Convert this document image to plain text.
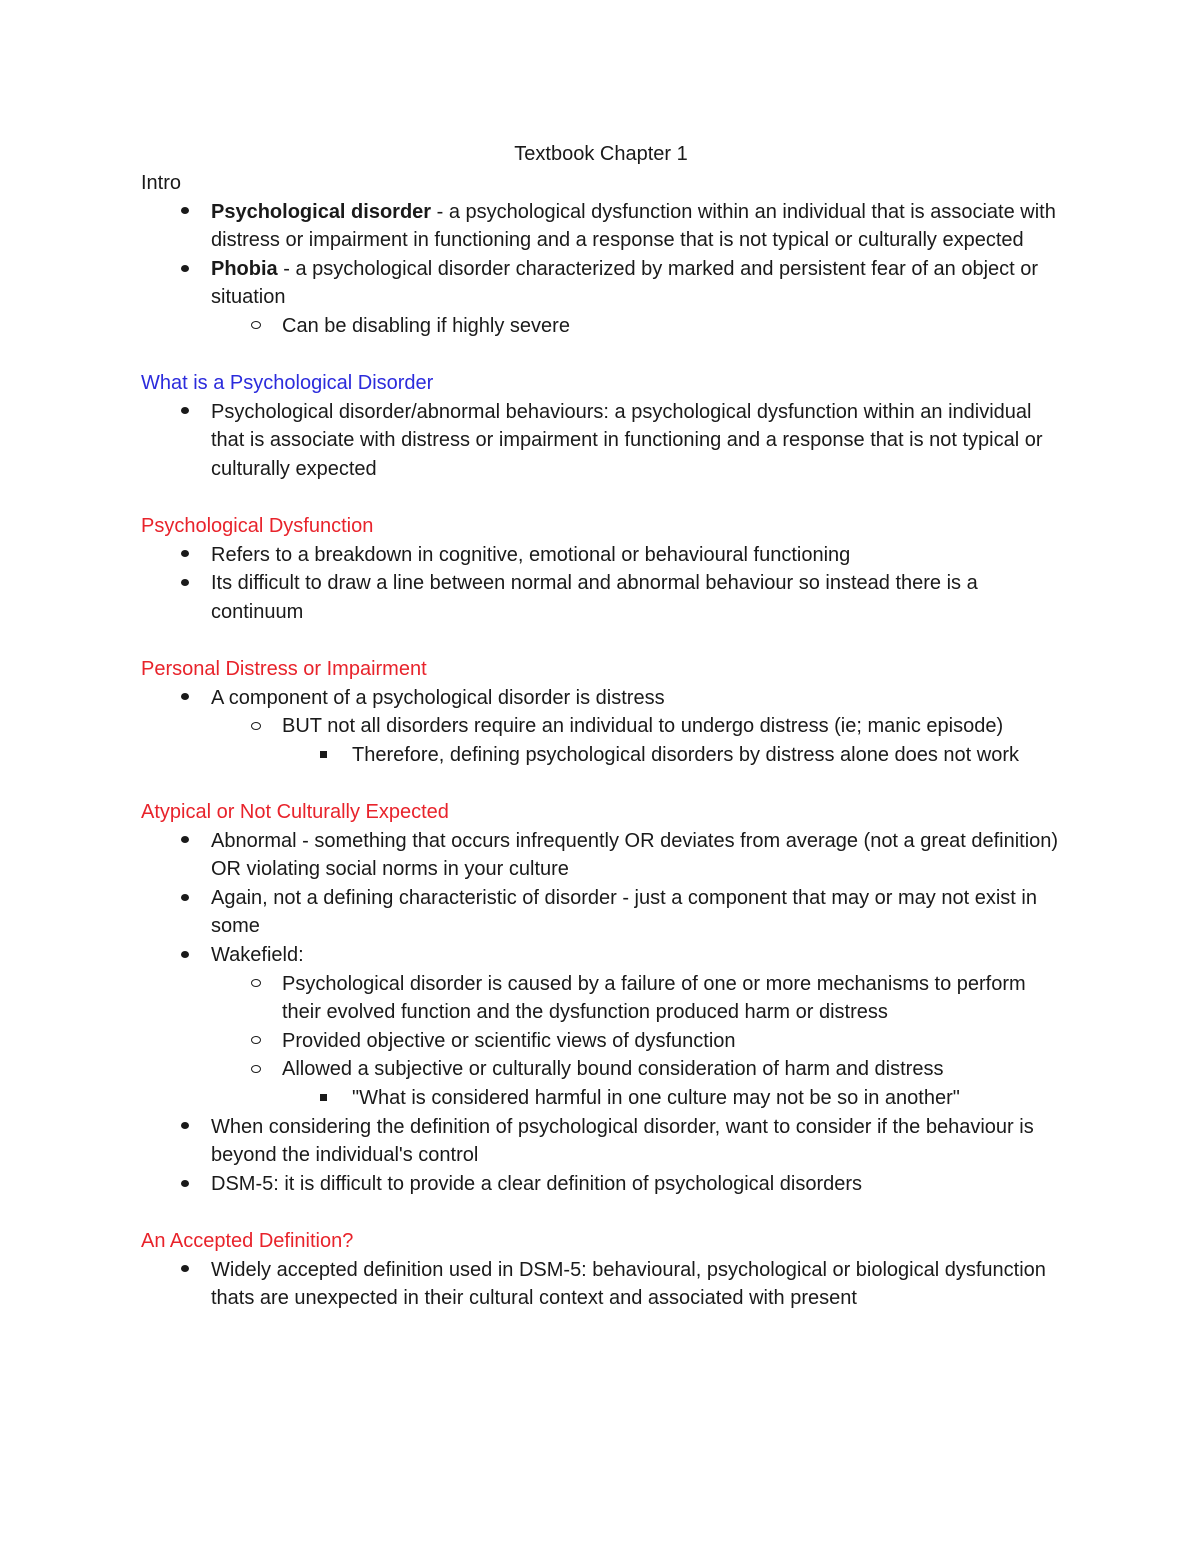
Textbook Chapter 1

Intro

Psychological disorder - a psychological dysfunction within an individual that is associate with distress or impairment in functioning and a response that is not typical or culturally expected
Phobia - a psychological disorder characterized by marked and persistent fear of an object or situation
Can be disabling if highly severe

What is a Psychological Disorder

Psychological disorder/abnormal behaviours: a psychological dysfunction within an individual that is associate with distress or impairment in functioning and a response that is not typical or culturally expected

Psychological Dysfunction

Refers to a breakdown in cognitive, emotional or behavioural functioning
Its difficult to draw a line between normal and abnormal behaviour so instead there is a continuum

Personal Distress or Impairment

A component of a psychological disorder is distress
BUT not all disorders require an individual to undergo distress (ie; manic episode)
Therefore, defining psychological disorders by distress alone does not work

Atypical or Not Culturally Expected

Abnormal - something that occurs infrequently OR deviates from average (not a great definition) OR violating social norms in your culture
Again, not a defining characteristic of disorder - just a component that may or may not exist in some
Wakefield:
Psychological disorder is caused by a failure of one or more mechanisms to perform their evolved function and the dysfunction produced harm or distress
Provided objective or scientific views of dysfunction
Allowed a subjective or culturally bound consideration of harm and distress
"What is considered harmful in one culture may not be so in another"
When considering the definition of psychological disorder, want to consider if the behaviour is beyond the individual's control
DSM-5: it is difficult to provide a clear definition of psychological disorders

An Accepted Definition?

Widely accepted definition used in DSM-5: behavioural, psychological or biological dysfunction thats are unexpected in their cultural context and associated with present
